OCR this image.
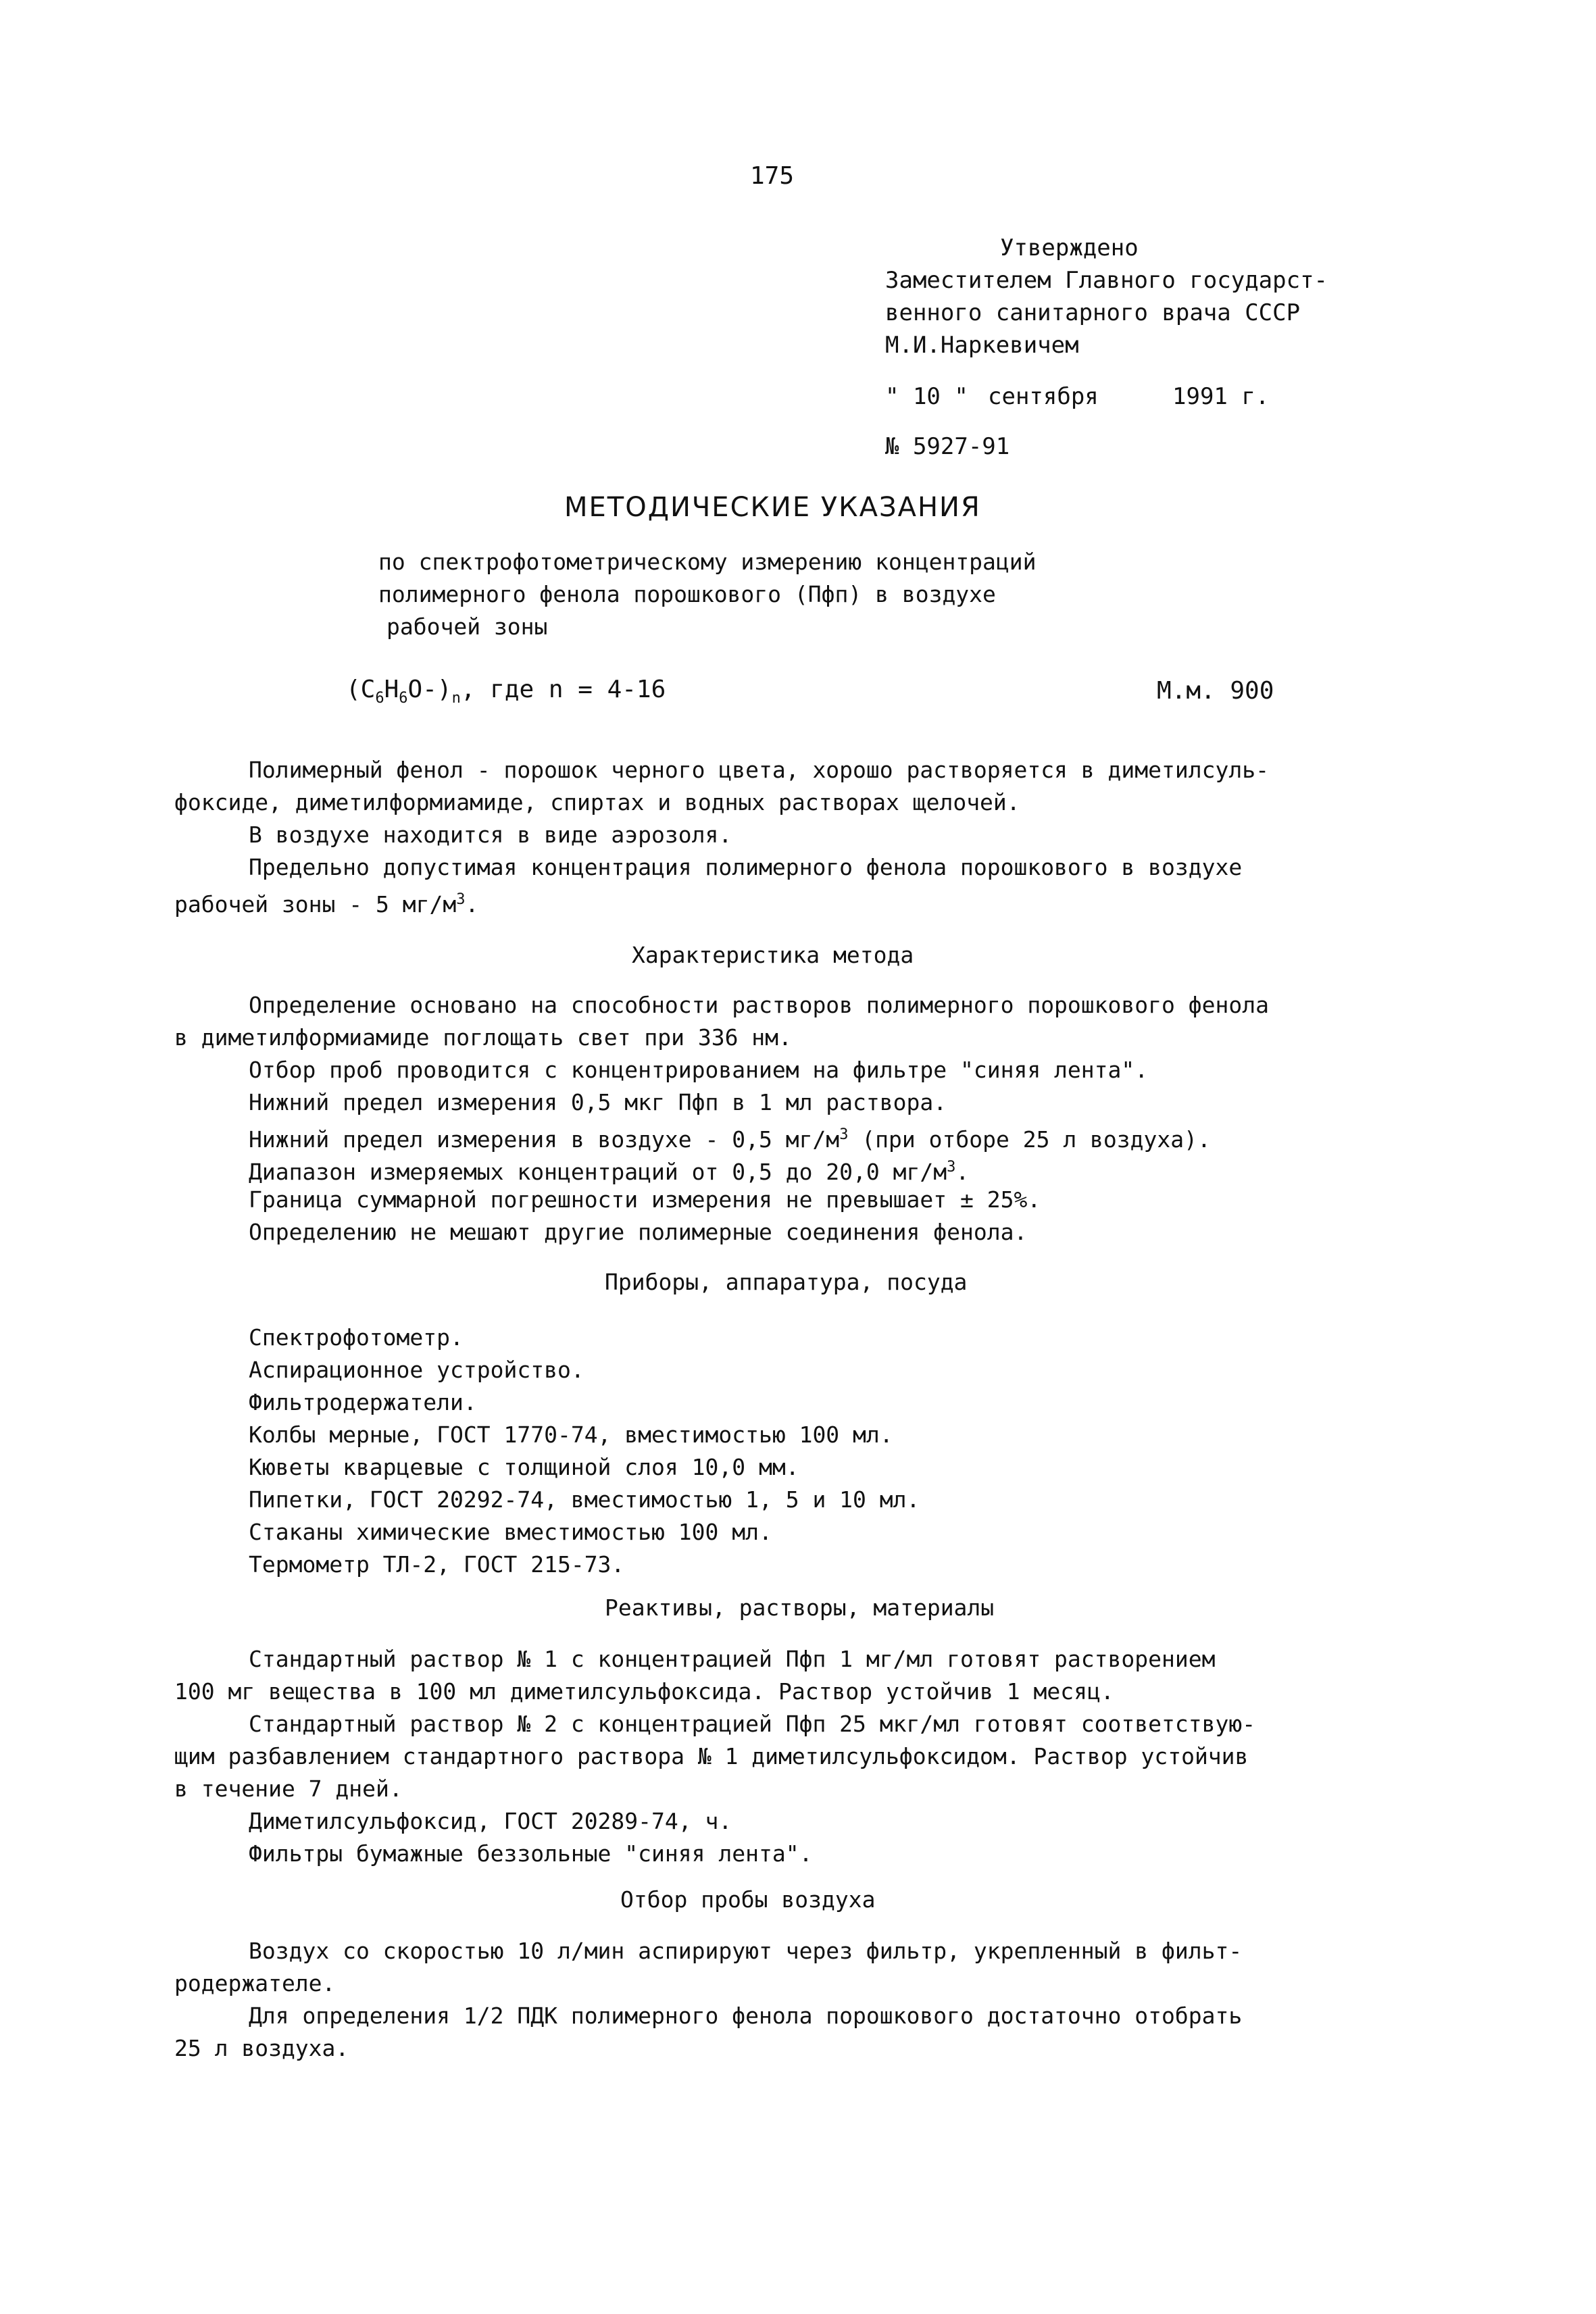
175
Утверждено
Заместителем Главного государст-
венного санитарного врача СССР
М.И.Наркевичем
" 10 " сентября	1991 г.
№ 5927-91
МЕТОДИЧЕСКИЕ УКАЗАНИЯ
по спектрофотометрическому измерению концентраций
полимерного фенола порошкового (Пфп) в воздухе
рабочей зоны
$(C_6H_6O-)_n$, где n = 4-16	М.м. 900
Полимерный фенол - порошок черного цвета, хорошо растворяется в диметилсуль-
фоксиде, диметилформиамиде, спиртах и водных растворах щелочей.
В воздухе находится в виде аэрозоля.
Предельно допустимая концентрация полимерного фенола порошкового в воздухе
рабочей зоны - 5 $мг/м^3$.
Характеристика метода
Определение основано на способности растворов полимерного порошкового фенола
в диметилформиамиде поглощать свет при 336 нм.
Отбор проб проводится с концентрированием на фильтре "синяя лента".
Нижний предел измерения 0,5 мкг Пфп в 1 мл раствора.
Нижний предел измерения в воздухе - 0,5 $мг/м^3$ (при отборе 25 л воздуха).
Диапазон измеряемых концентраций от 0,5 до 20,0 $мг/м^3$.
Граница суммарной погрешности измерения не превышает ± 25%.
Определению не мешают другие полимерные соединения фенола.
Приборы, аппаратура, посуда
Спектрофотометр.
Аспирационное устройство.
Фильтродержатели.
Колбы мерные, ГОСТ 1770-74, вместимостью 100 мл.
Кюветы кварцевые с толщиной слоя 10,0 мм.
Пипетки, ГОСТ 20292-74, вместимостью 1, 5 и 10 мл.
Стаканы химические вместимостью 100 мл.
Термометр ТЛ-2, ГОСТ 215-73.
Реактивы, растворы, материалы
Стандартный раствор № 1 с концентрацией Пфп 1 мг/мл готовят растворением
100 мг вещества в 100 мл диметилсульфоксида. Раствор устойчив 1 месяц.
Стандартный раствор № 2 с концентрацией Пфп 25 мкг/мл готовят соответствую-
щим разбавлением стандартного раствора № 1 диметилсульфоксидом. Раствор устойчив
в течение 7 дней.
Диметилсульфоксид, ГОСТ 20289-74, ч.
Фильтры бумажные беззольные "синяя лента".
Отбор пробы воздуха
Воздух со скоростью 10 л/мин аспирируют через фильтр, укрепленный в фильт-
родержателе.
Для определения 1/2 ПДК полимерного фенола порошкового достаточно отобрать
25 л воздуха.
